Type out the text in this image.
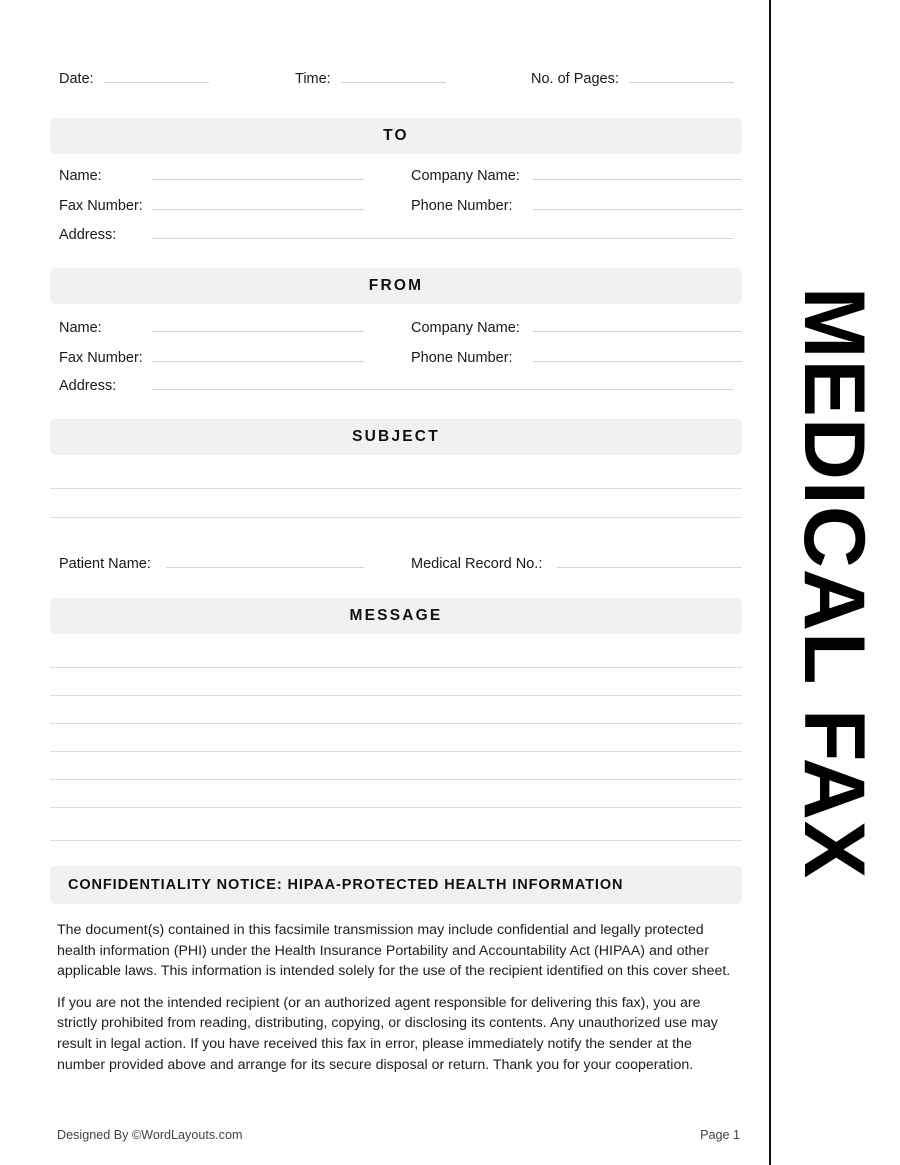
MEDICAL FAX
Date:	Time:	No. of Pages:
TO
Name:	Company Name:
Fax Number:	Phone Number:
Address:
FROM
Name:	Company Name:
Fax Number:	Phone Number:
Address:
SUBJECT
Patient Name:	Medical Record No.:
MESSAGE
CONFIDENTIALITY NOTICE: HIPAA-PROTECTED HEALTH INFORMATION

The document(s) contained in this facsimile transmission may include confidential and legally protected health information (PHI) under the Health Insurance Portability and Accountability Act (HIPAA) and other applicable laws. This information is intended solely for the use of the recipient identified on this cover sheet.

If you are not the intended recipient (or an authorized agent responsible for delivering this fax), you are strictly prohibited from reading, distributing, copying, or disclosing its contents. Any unauthorized use may result in legal action. If you have received this fax in error, please immediately notify the sender at the number provided above and arrange for its secure disposal or return. Thank you for your cooperation.

Designed By ©WordLayouts.com	Page 1
